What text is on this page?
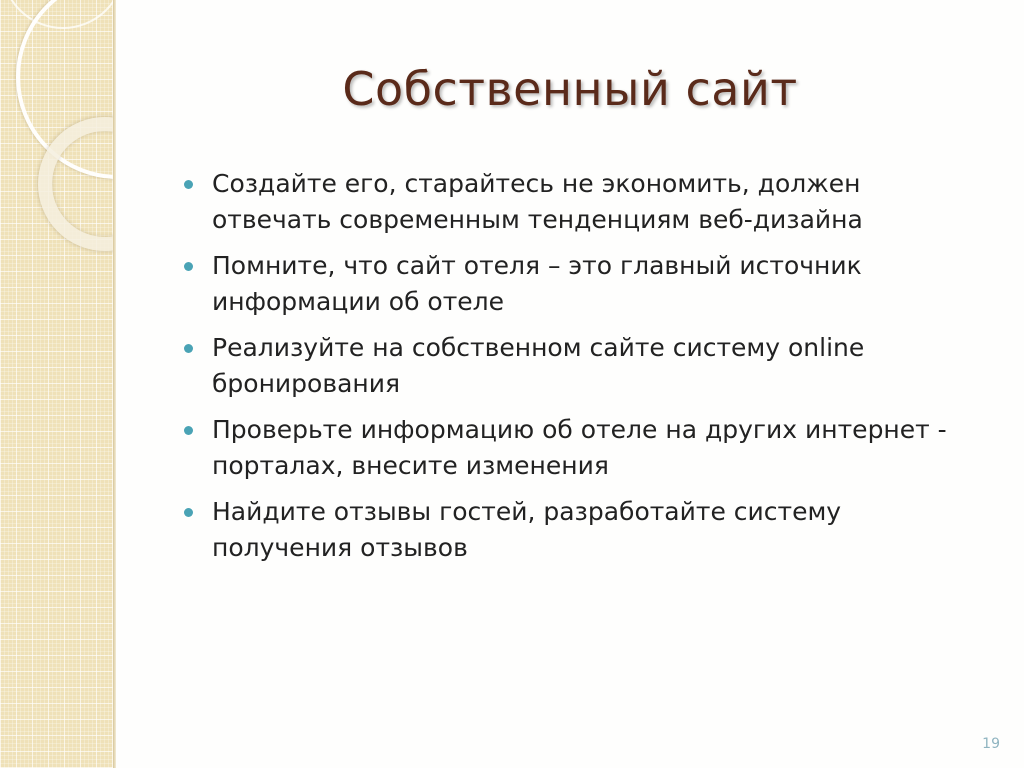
Собственный сайт
Создайте его, старайтесь не экономить, должен отвечать современным тенденциям веб-дизайна
Помните, что сайт отеля – это главный источник информации об отеле
Реализуйте на собственном сайте систему online бронирования
Проверьте информацию об отеле на других интернет - порталах, внесите изменения
Найдите отзывы гостей, разработайте систему получения отзывов
19
